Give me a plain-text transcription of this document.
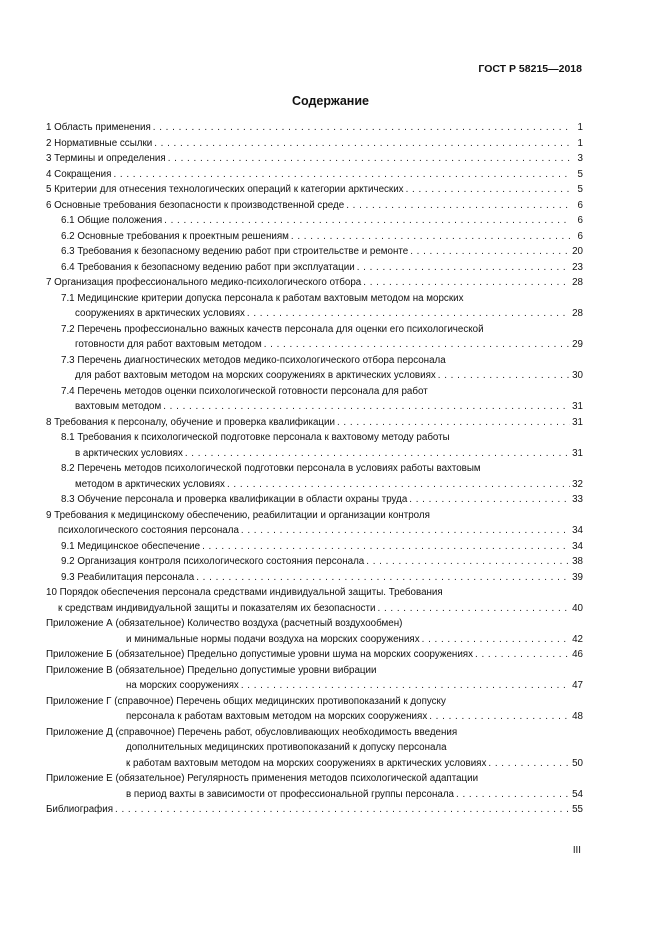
ГОСТ Р 58215—2018
Содержание
1 Область применения . . .	1
2 Нормативные ссылки . . .	1
3 Термины и определения . . .	3
4 Сокращения . . .	5
5 Критерии для отнесения технологических операций к категории арктических . . .	5
6 Основные требования безопасности к производственной среде . . .	6
6.1 Общие положения . . .	6
6.2 Основные требования к проектным решениям . . .	6
6.3 Требования к безопасному ведению работ при строительстве и ремонте . . .	20
6.4 Требования к безопасному ведению работ при эксплуатации . . .	23
7 Организация профессионального медико-психологического отбора . . .	28
7.1 Медицинские критерии допуска персонала к работам вахтовым методом на морских
сооружениях в арктических условиях . . .	28
7.2 Перечень профессионально важных качеств персонала для оценки его психологической
готовности для работ вахтовым методом . . .	29
7.3 Перечень диагностических методов медико-психологического отбора персонала
для работ вахтовым методом на морских сооружениях в арктических условиях . . .	30
7.4 Перечень методов оценки психологической готовности персонала для работ
вахтовым методом . . .	31
8 Требования к персоналу, обучение и проверка квалификации . . .	31
8.1 Требования к психологической подготовке персонала к вахтовому методу работы
в арктических условиях . . .	31
8.2 Перечень методов психологической подготовки персонала в условиях работы вахтовым
методом в арктических условиях . . .	32
8.3 Обучение персонала и проверка квалификации в области охраны труда . . .	33
9 Требования к медицинскому обеспечению, реабилитации и организации контроля
психологического состояния персонала . . .	34
9.1 Медицинское обеспечение . . .	34
9.2 Организация контроля психологического состояния персонала . . .	38
9.3 Реабилитация персонала . . .	39
10 Порядок обеспечения персонала средствами индивидуальной защиты. Требования
к средствам индивидуальной защиты и показателям их безопасности . . .	40
Приложение А (обязательное) Количество воздуха (расчетный воздухообмен)
и минимальные нормы подачи воздуха на морских сооружениях . . .	42
Приложение Б (обязательное) Предельно допустимые уровни шума на морских сооружениях . . .	46
Приложение В (обязательное) Предельно допустимые уровни вибрации
на морских сооружениях . . .	47
Приложение Г (справочное) Перечень общих медицинских противопоказаний к допуску
персонала к работам вахтовым методом на морских сооружениях . . .	48
Приложение Д (справочное) Перечень работ, обусловливающих необходимость введения
дополнительных медицинских противопоказаний к допуску персонала
к работам вахтовым методом на морских сооружениях в арктических условиях . . .	50
Приложение Е (обязательное) Регулярность применения методов психологической адаптации
в период вахты в зависимости от профессиональной группы персонала . . .	54
Библиография . . .	55
III
